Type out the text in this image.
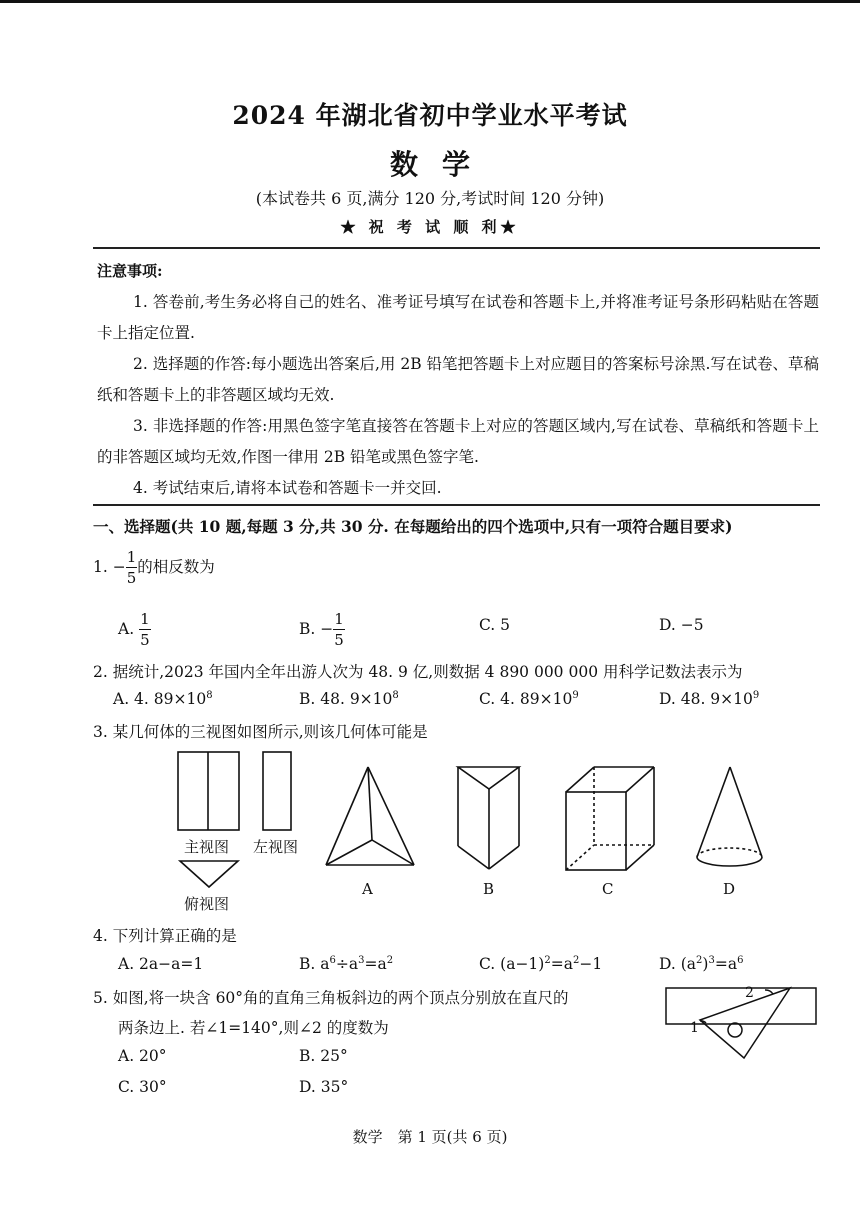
2024 年湖北省初中学业水平考试
数学
(本试卷共 6 页,满分 120 分,考试时间 120 分钟)
★ 祝 考 试 顺 利★
注意事项:
1. 答卷前,考生务必将自己的姓名、准考证号填写在试卷和答题卡上,并将准考证号条形码粘贴在答题卡上指定位置.
2. 选择题的作答:每小题选出答案后,用 2B 铅笔把答题卡上对应题目的答案标号涂黑.写在试卷、草稿纸和答题卡上的非答题区域均无效.
3. 非选择题的作答:用黑色签字笔直接答在答题卡上对应的答题区域内,写在试卷、草稿纸和答题卡上的非答题区域均无效,作图一律用 2B 铅笔或黑色签字笔.
4. 考试结束后,请将本试卷和答题卡一并交回.
一、选择题(共 10 题,每题 3 分,共 30 分. 在每题给出的四个选项中,只有一项符合题目要求)
1. − $\frac{1}{5}$ 的相反数为
A. $\frac{1}{5}$	B. − $\frac{1}{5}$	C. 5	D. −5
2. 据统计,2023 年国内全年出游人次为 48. 9 亿,则数据 4 890 000 000 用科学记数法表示为
A. 4. $89\times 10^8$	B. 48. $9\times 10^8$	C. 4. $89\times 10^9$	D. 48. $9\times 10^9$
3. 某几何体的三视图如图所示,则该几何体可能是
主视图 左视图
俯视图
A	B	C	D
4. 下列计算正确的是
A. 2a−a=1	B. $a^6\div a^3=a^2$	C. $(a-1)^2=a^2-1$	D. $(a^2)^3=a^6$
5. 如图,将一块含 60°角的直角三角板斜边的两个顶点分别放在直尺的
两条边上. 若∠1=140°,则∠2 的度数为
A. 20°	B. 25°
C. 30°	D. 35°
2
1
数学　第 1 页(共 6 页)
